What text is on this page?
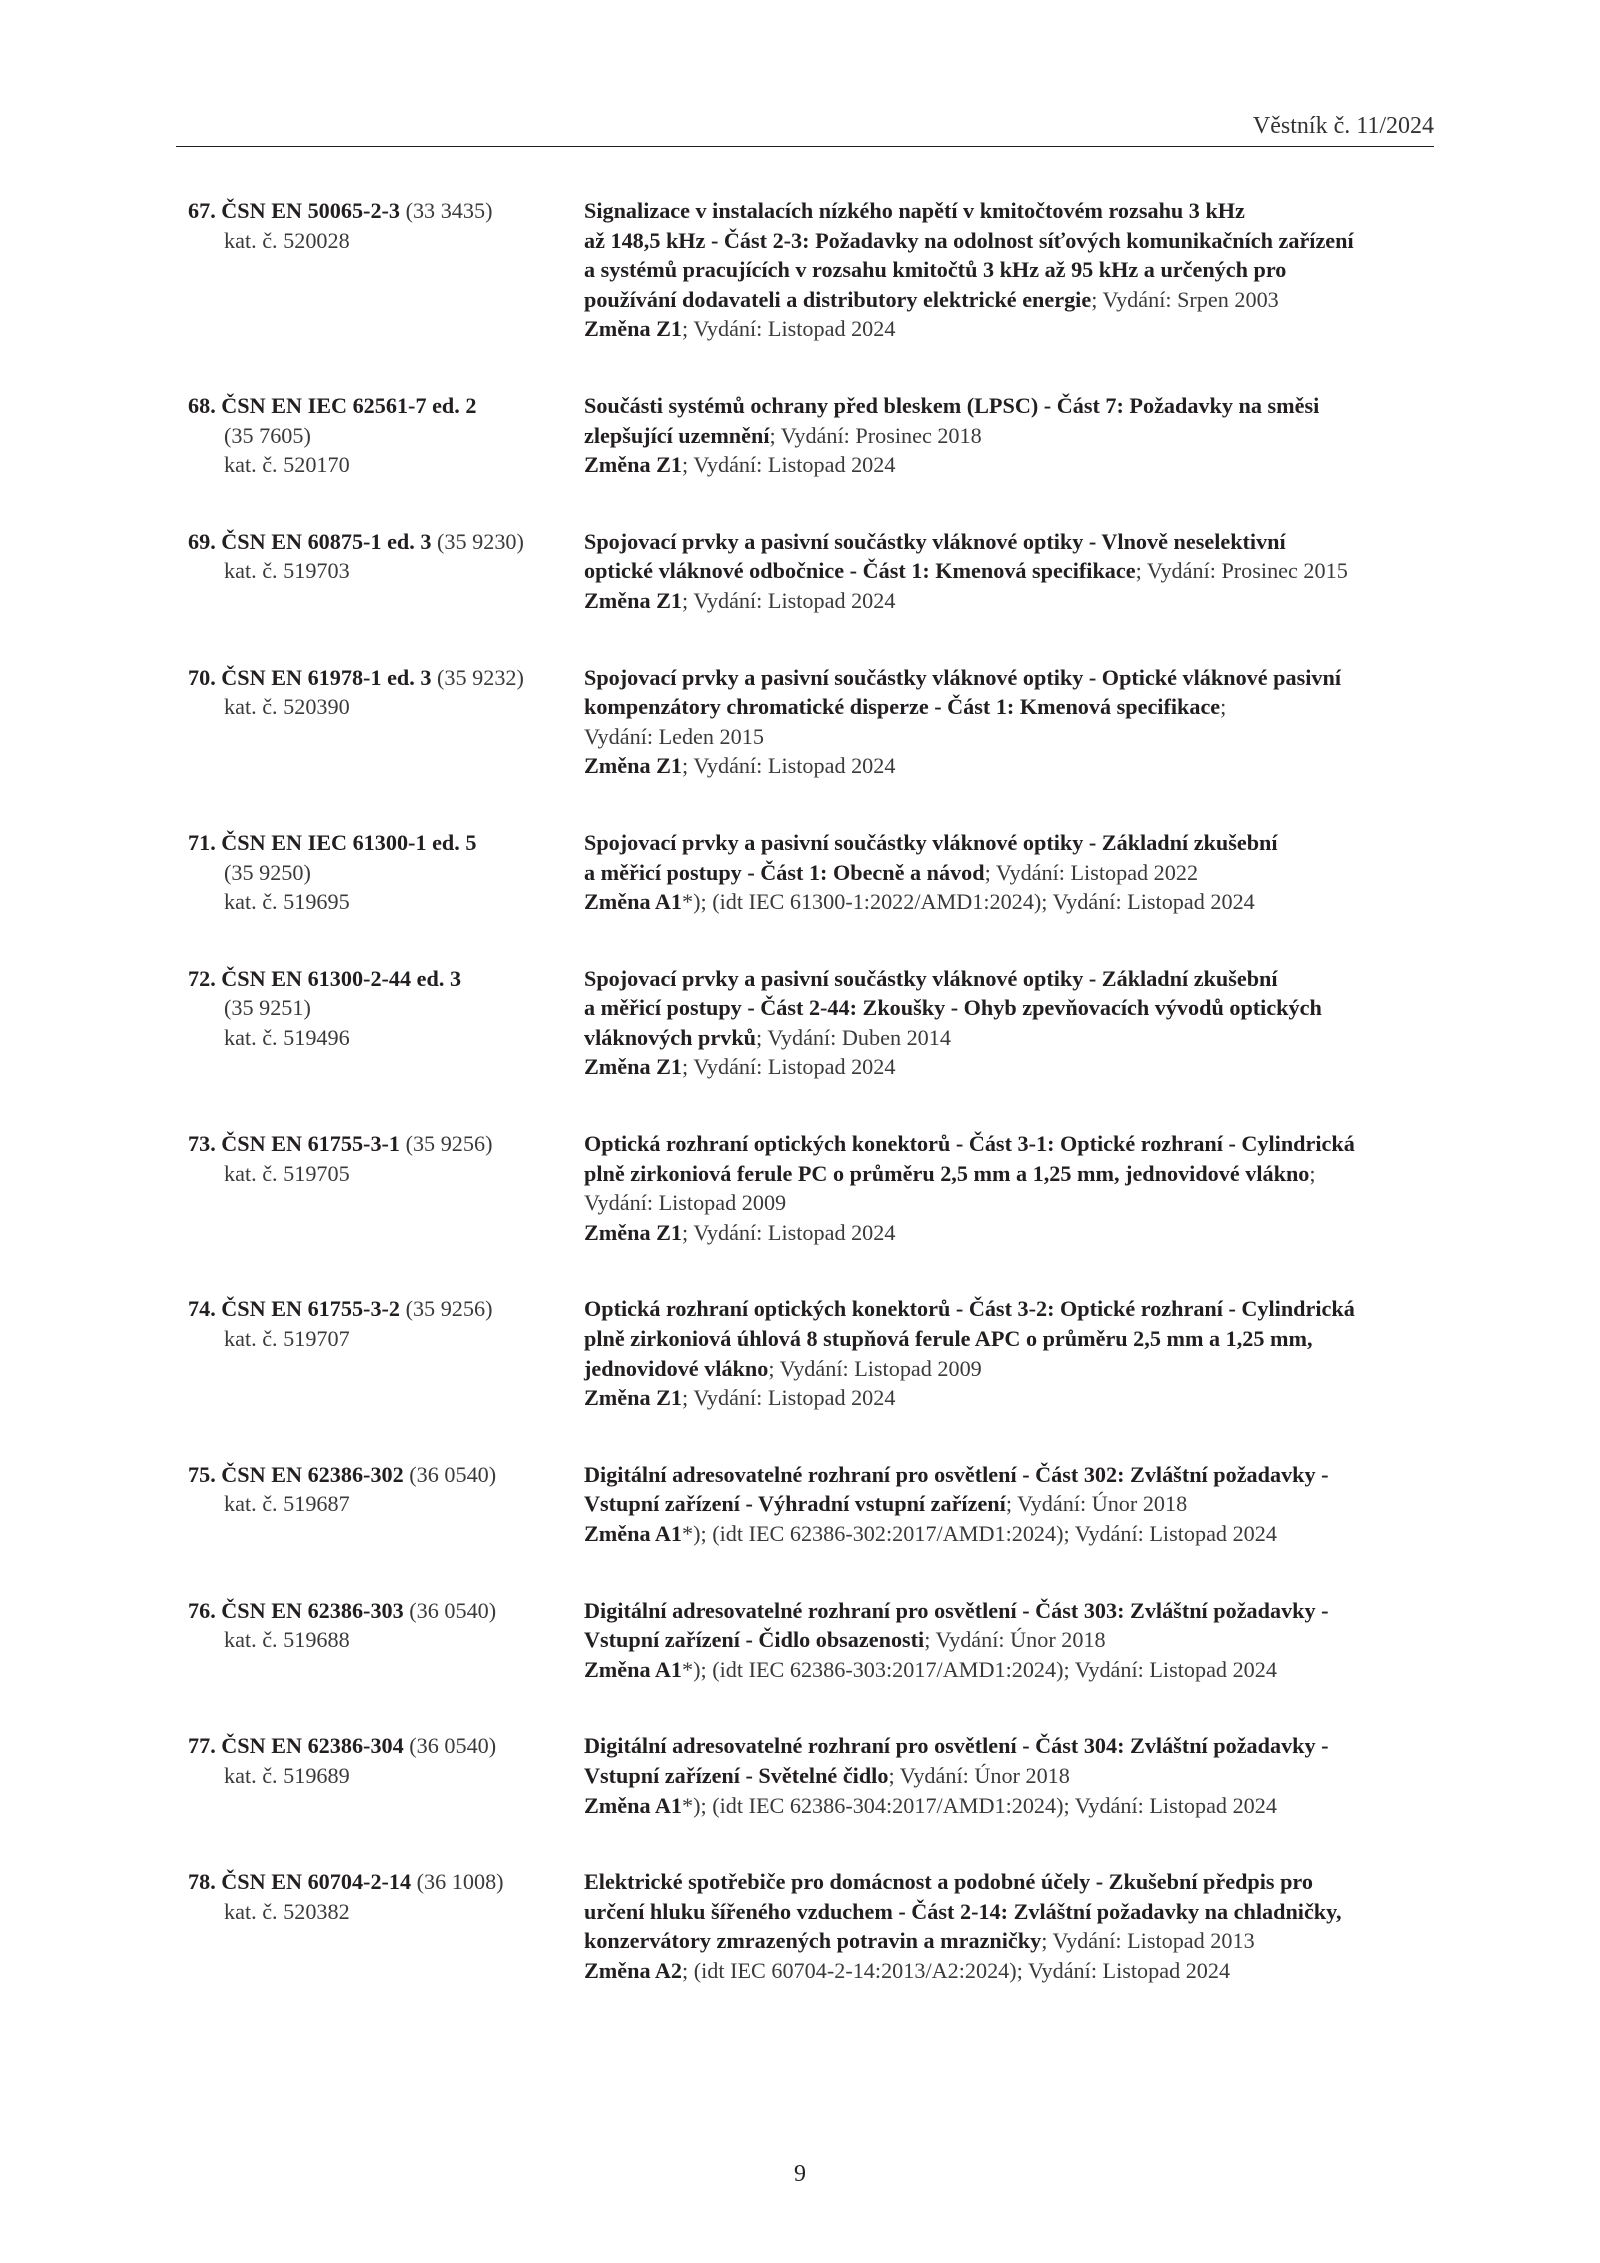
Věstník č. 11/2024
67. ČSN EN 50065-2-3 (33 3435)
kat. č. 520028
Signalizace v instalacích nízkého napětí v kmitočtovém rozsahu 3 kHz
až 148,5 kHz - Část 2-3: Požadavky na odolnost síťových komunikačních zařízení
a systémů pracujících v rozsahu kmitočtů 3 kHz až 95 kHz a určených pro
používání dodavateli a distributory elektrické energie; Vydání: Srpen 2003
Změna Z1; Vydání: Listopad 2024
68. ČSN EN IEC 62561-7 ed. 2
(35 7605)
kat. č. 520170
Součásti systémů ochrany před bleskem (LPSC) - Část 7: Požadavky na směsi
zlepšující uzemnění; Vydání: Prosinec 2018
Změna Z1; Vydání: Listopad 2024
69. ČSN EN 60875-1 ed. 3 (35 9230)
kat. č. 519703
Spojovací prvky a pasivní součástky vláknové optiky - Vlnově neselektivní
optické vláknové odbočnice - Část 1: Kmenová specifikace; Vydání: Prosinec 2015
Změna Z1; Vydání: Listopad 2024
70. ČSN EN 61978-1 ed. 3 (35 9232)
kat. č. 520390
Spojovací prvky a pasivní součástky vláknové optiky - Optické vláknové pasivní
kompenzátory chromatické disperze - Část 1: Kmenová specifikace;
Vydání: Leden 2015
Změna Z1; Vydání: Listopad 2024
71. ČSN EN IEC 61300-1 ed. 5
(35 9250)
kat. č. 519695
Spojovací prvky a pasivní součástky vláknové optiky - Základní zkušební
a měřicí postupy - Část 1: Obecně a návod; Vydání: Listopad 2022
Změna A1*); (idt IEC 61300-1:2022/AMD1:2024); Vydání: Listopad 2024
72. ČSN EN 61300-2-44 ed. 3
(35 9251)
kat. č. 519496
Spojovací prvky a pasivní součástky vláknové optiky - Základní zkušební
a měřicí postupy - Část 2-44: Zkoušky - Ohyb zpevňovacích vývodů optických
vláknových prvků; Vydání: Duben 2014
Změna Z1; Vydání: Listopad 2024
73. ČSN EN 61755-3-1 (35 9256)
kat. č. 519705
Optická rozhraní optických konektorů - Část 3-1: Optické rozhraní - Cylindrická
plně zirkoniová ferule PC o průměru 2,5 mm a 1,25 mm, jednovidové vlákno;
Vydání: Listopad 2009
Změna Z1; Vydání: Listopad 2024
74. ČSN EN 61755-3-2 (35 9256)
kat. č. 519707
Optická rozhraní optických konektorů - Část 3-2: Optické rozhraní - Cylindrická
plně zirkoniová úhlová 8 stupňová ferule APC o průměru 2,5 mm a 1,25 mm,
jednovidové vlákno; Vydání: Listopad 2009
Změna Z1; Vydání: Listopad 2024
75. ČSN EN 62386-302 (36 0540)
kat. č. 519687
Digitální adresovatelné rozhraní pro osvětlení - Část 302: Zvláštní požadavky -
Vstupní zařízení - Výhradní vstupní zařízení; Vydání: Únor 2018
Změna A1*); (idt IEC 62386-302:2017/AMD1:2024); Vydání: Listopad 2024
76. ČSN EN 62386-303 (36 0540)
kat. č. 519688
Digitální adresovatelné rozhraní pro osvětlení - Část 303: Zvláštní požadavky -
Vstupní zařízení - Čidlo obsazenosti; Vydání: Únor 2018
Změna A1*); (idt IEC 62386-303:2017/AMD1:2024); Vydání: Listopad 2024
77. ČSN EN 62386-304 (36 0540)
kat. č. 519689
Digitální adresovatelné rozhraní pro osvětlení - Část 304: Zvláštní požadavky -
Vstupní zařízení - Světelné čidlo; Vydání: Únor 2018
Změna A1*); (idt IEC 62386-304:2017/AMD1:2024); Vydání: Listopad 2024
78. ČSN EN 60704-2-14 (36 1008)
kat. č. 520382
Elektrické spotřebiče pro domácnost a podobné účely - Zkušební předpis pro
určení hluku šířeného vzduchem - Část 2-14: Zvláštní požadavky na chladničky,
konzervátory zmrazených potravin a mrazničky; Vydání: Listopad 2013
Změna A2; (idt IEC 60704-2-14:2013/A2:2024); Vydání: Listopad 2024
9
